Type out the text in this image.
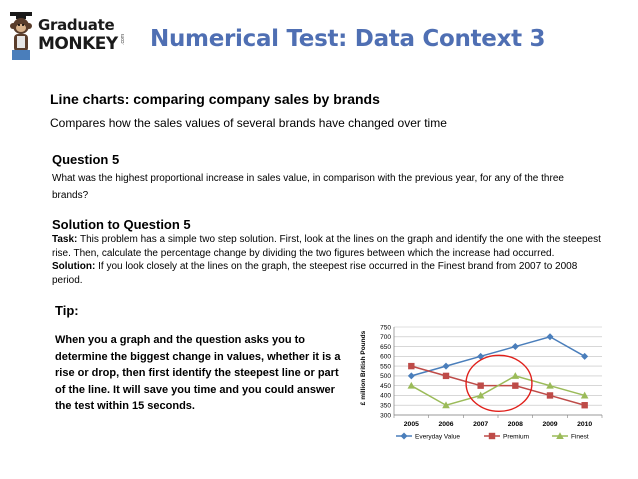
Graduate
MONKEY .com Numerical Test: Data Context 3
Line charts: comparing company sales by brands
Compares how the sales values of several brands have changed over time
Question 5
What was the highest proportional increase in sales value, in comparison with the previous year, for any of the three brands?
Solution to Question 5
Task: This problem has a simple two step solution. First, look at the lines on the graph and identify the one with the steepest rise. Then, calculate the percentage change by dividing the two figures between which the increase had occurred.
Solution: If you look closely at the lines on the graph, the steepest rise occurred in the Finest brand from 2007 to 2008 period.
Tip:
When you a graph and the question asks you to determine the biggest change in values, whether it is a rise or drop, then first identify the steepest line or part of the line. It will save you time and you could answer the test within 15 seconds.
£ million British Pounds
300
350
400
450
500
550
600
650
700
750
2005	2006	2007	2008	2009	2010
Everyday Value	Premium	Finest
